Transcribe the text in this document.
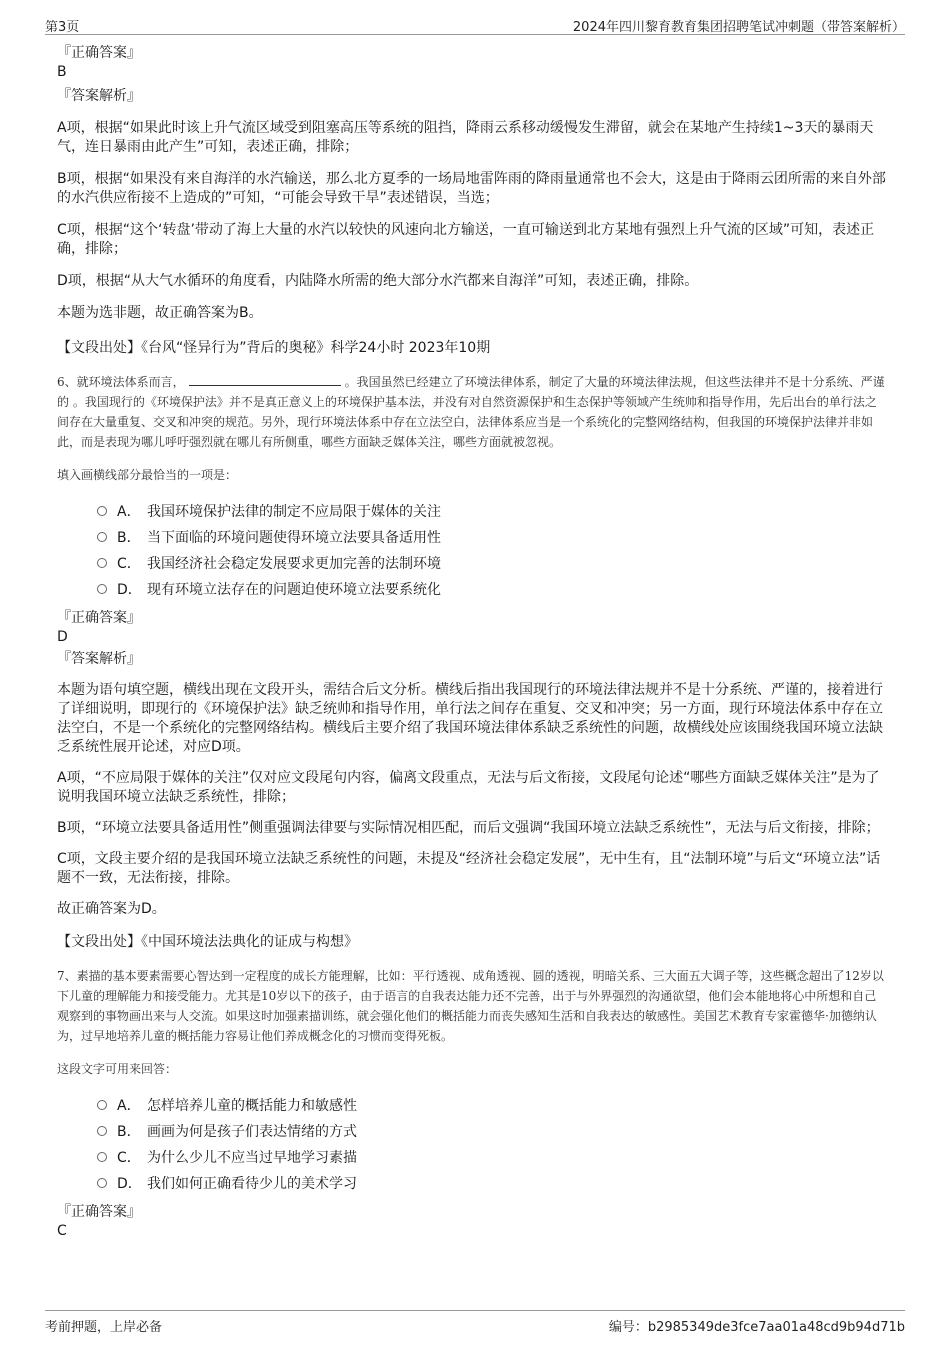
第3页	2024年四川黎育教育集团招聘笔试冲刺题（带答案解析）
『正确答案』
B
『答案解析』

A项，根据“如果此时该上升气流区域受到阻塞高压等系统的阻挡，降雨云系移动缓慢发生滞留，就会在某地产生持续1~3天的暴雨天气，连日暴雨由此产生”可知，表述正确，排除；

B项，根据“如果没有来自海洋的水汽输送，那么北方夏季的一场局地雷阵雨的降雨量通常也不会大，这是由于降雨云团所需的来自外部的水汽供应衔接不上造成的”可知，“可能会导致干旱”表述错误，当选；

C项，根据“这个‘转盘’带动了海上大量的水汽以较快的风速向北方输送，一直可输送到北方某地有强烈上升气流的区域”可知，表述正确，排除；

D项，根据“从大气水循环的角度看，内陆降水所需的绝大部分水汽都来自海洋”可知，表述正确，排除。

本题为选非题，故正确答案为B。

【文段出处】《台风“怪异行为”背后的奥秘》科学24小时 2023年10期

6、就环境法体系而言，	。我国虽然已经建立了环境法律体系，制定了大量的环境法律法规，但这些法律并不是十分系统、严谨 的 。我国现行的《环境保护法》并不是真正意义上的环境保护基本法，并没有对自然资源保护和生态保护等领域产生统帅和指导作用，先后出台的单行法之间存在大量重复、交叉和冲突的规范。另外，现行环境法体系中存在立法空白，法律体系应当是一个系统化的完整网络结构，但我国的环境保护法律并非如此，而是表现为哪儿呼吁强烈就在哪儿有所侧重，哪些方面缺乏媒体关注，哪些方面就被忽视。

填入画横线部分最恰当的一项是：

A． 我国环境保护法律的制定不应局限于媒体的关注
B． 当下面临的环境问题使得环境立法要具备适用性
C． 我国经济社会稳定发展要求更加完善的法制环境
D． 现有环境立法存在的问题迫使环境立法要系统化
『正确答案』
D
『答案解析』

本题为语句填空题，横线出现在文段开头，需结合后文分析。横线后指出我国现行的环境法律法规并不是十分系统、严谨的，接着进行了详细说明，即现行的《环境保护法》缺乏统帅和指导作用，单行法之间存在重复、交叉和冲突；另一方面，现行环境法体系中存在立法空白，不是一个系统化的完整网络结构。横线后主要介绍了我国环境法律体系缺乏系统性的问题，故横线处应该围绕我国环境立法缺乏系统性展开论述，对应D项。

A项，“不应局限于媒体的关注”仅对应文段尾句内容，偏离文段重点，无法与后文衔接，文段尾句论述“哪些方面缺乏媒体关注”是为了说明我国环境立法缺乏系统性，排除；

B项，“环境立法要具备适用性”侧重强调法律要与实际情况相匹配，而后文强调“我国环境立法缺乏系统性”，无法与后文衔接，排除；

C项，文段主要介绍的是我国环境立法缺乏系统性的问题，未提及“经济社会稳定发展”，无中生有，且“法制环境”与后文“环境立法”话题不一致，无法衔接，排除。

故正确答案为D。

【文段出处】《中国环境法法典化的证成与构想》

7、素描的基本要素需要心智达到一定程度的成长方能理解，比如：平行透视、成角透视、圆的透视，明暗关系、三大面五大调子等，这些概念超出了12岁以下儿童的理解能力和接受能力。尤其是10岁以下的孩子，由于语言的自我表达能力还不完善，出于与外界强烈的沟通欲望，他们会本能地将心中所想和自己观察到的事物画出来与人交流。如果这时加强素描训练，就会强化他们的概括能力而丧失感知生活和自我表达的敏感性。美国艺术教育专家霍德华·加德纳认为，过早地培养儿童的概括能力容易让他们养成概念化的习惯而变得死板。

这段文字可用来回答：

A． 怎样培养儿童的概括能力和敏感性
B． 画画为何是孩子们表达情绪的方式
C． 为什么少儿不应当过早地学习素描
D． 我们如何正确看待少儿的美术学习
『正确答案』
C
考前押题，上岸必备	编号：b2985349de3fce7aa01a48cd9b94d71b
